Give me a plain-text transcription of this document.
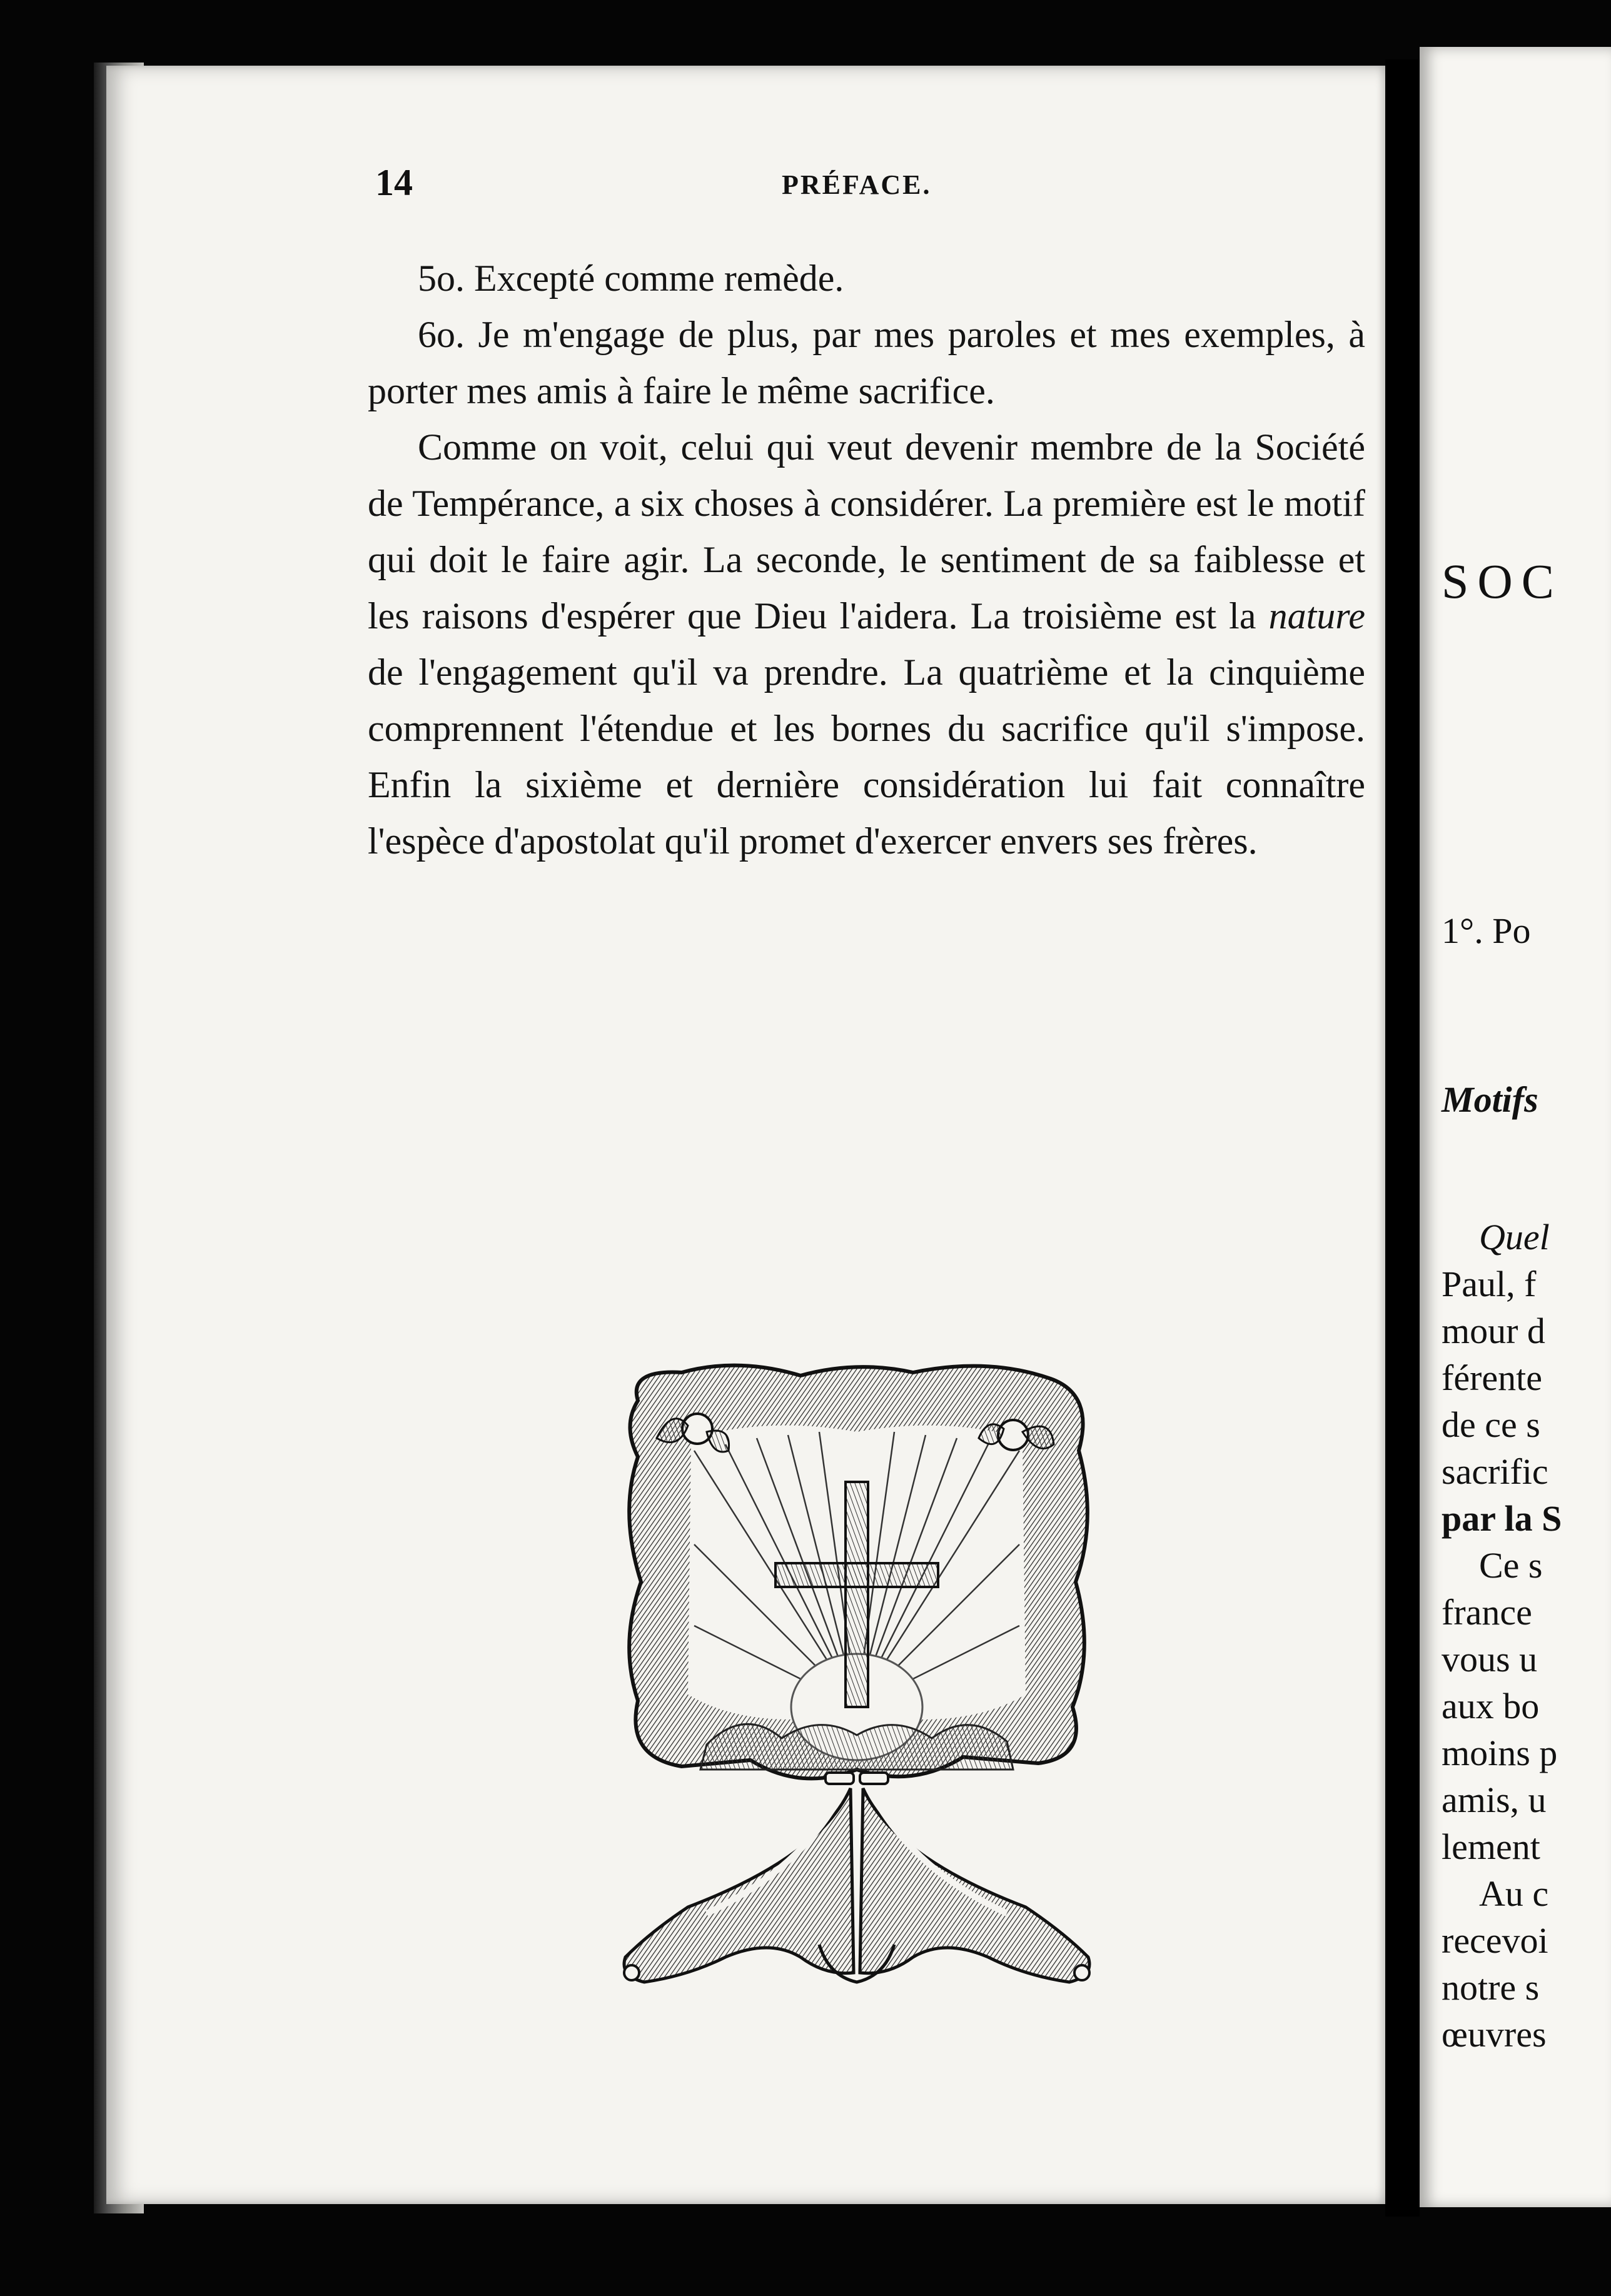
14	PRÉFACE.

5o. Excepté comme remède.

6o. Je m'engage de plus, par mes paroles et mes exemples, à porter mes amis à faire le même sacrifice.

Comme on voit, celui qui veut devenir membre de la Société de Tempérance, a six choses à considérer. La première est le motif qui doit le faire agir. La seconde, le sentiment de sa faiblesse et les raisons d'espérer que Dieu l'aidera. La troisième est la nature de l'engagement qu'il va prendre. La quatrième et la cinquième comprennent l'étendue et les bornes du sacrifice qu'il s'impose. Enfin la sixième et dernière considération lui fait connaître l'espèce d'apostolat qu'il promet d'exercer envers ses frères.

SOC
1°. Po
Motifs
Quel
Paul, f
mour d
férente
de ce s
sacrific
par la S
Ce s
france
vous u
aux bo
moins p
amis, u
lement
Au c
recevoi
notre s
œuvres
